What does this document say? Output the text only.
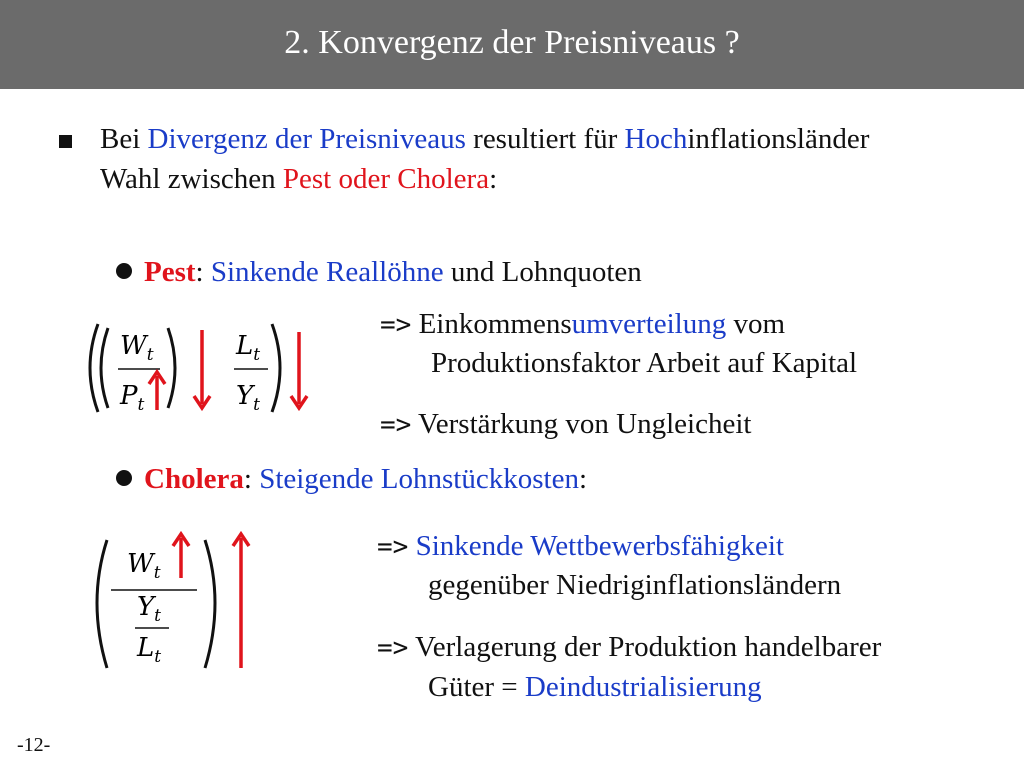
2. Konvergenz der Preisniveaus ?
Bei Divergenz der Preisniveaus resultiert für Hochinflationsländer
Wahl zwischen Pest oder Cholera:
Pest: Sinkende Reallöhne und Lohnquoten
$W_t$
$P_t$
$L_t$
$Y_t$
=> Einkommensumverteilung vom
Produktionsfaktor Arbeit auf Kapital
=> Verstärkung von Ungleicheit
Cholera: Steigende Lohnstückkosten:
$W_t$
$Y_t$
$L_t$
=> Sinkende Wettbewerbsfähigkeit
gegenüber Niedriginflationsländern
=> Verlagerung der Produktion handelbarer
Güter = Deindustrialisierung
-12-
